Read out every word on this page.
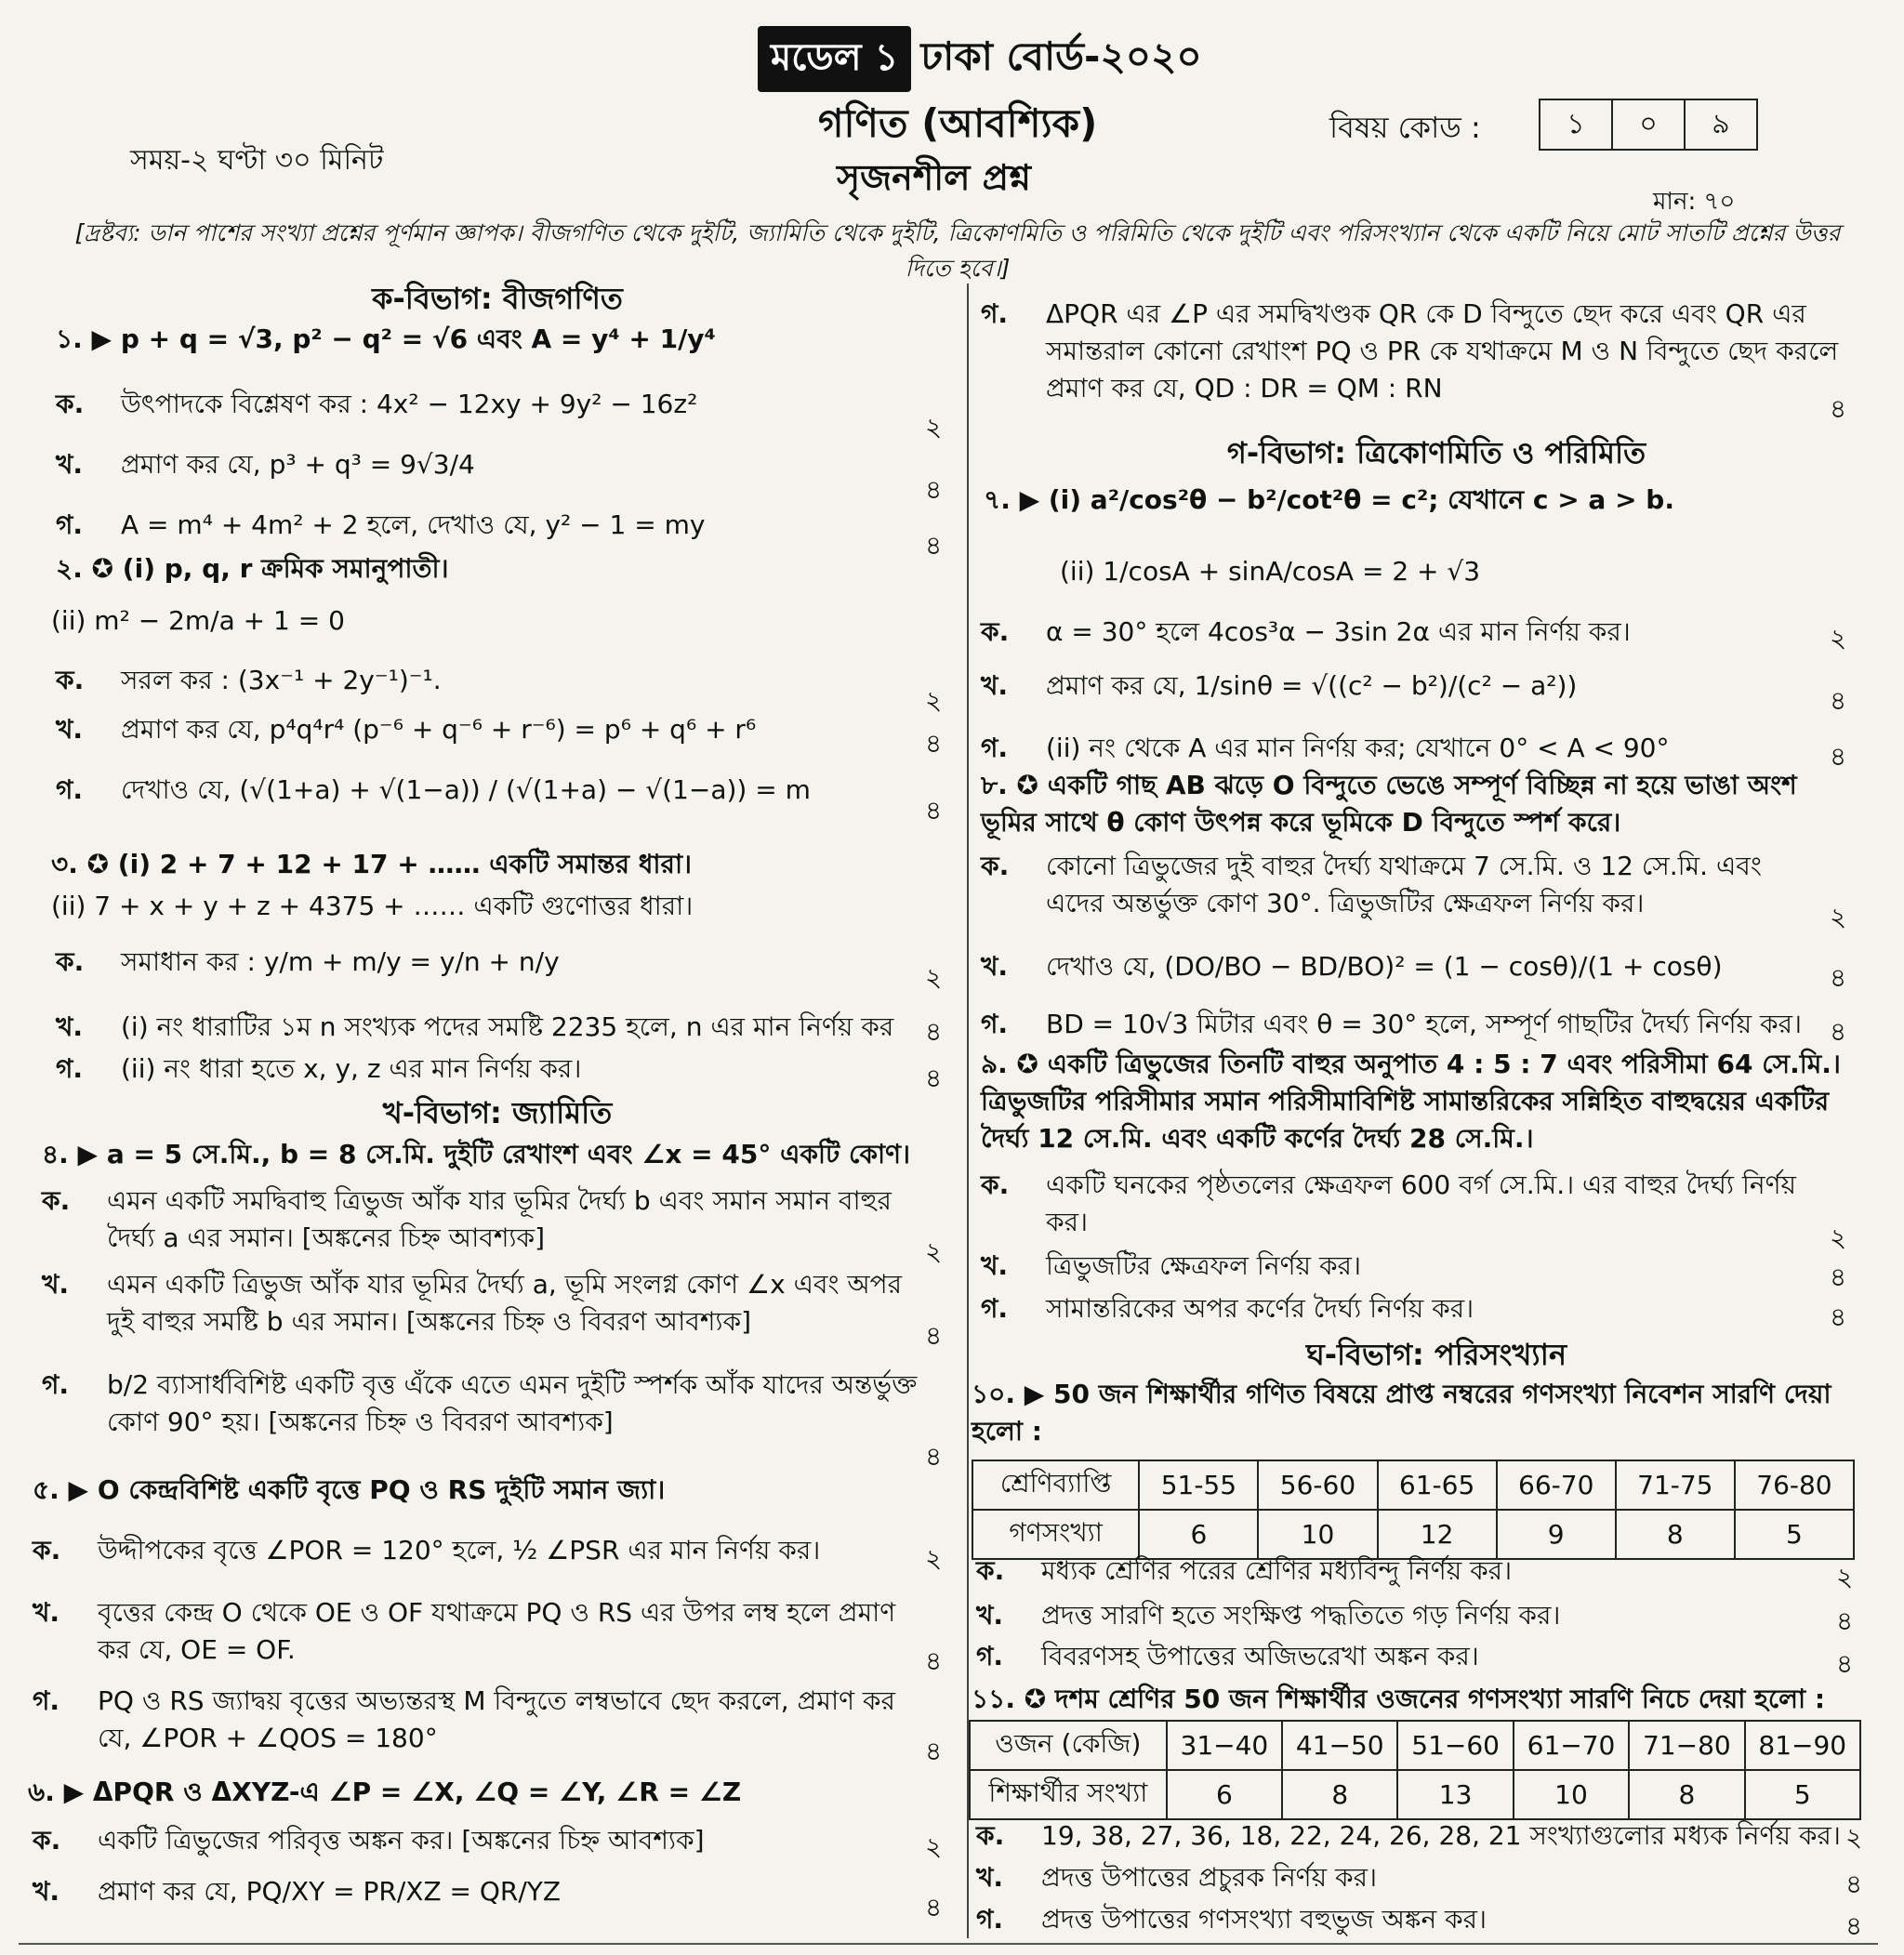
মডেল ১ ঢাকা বোর্ড-২০২০
গণিত (আবশ্যিক)	বিষয় কোড :	১	০	৯
সৃজনশীল প্রশ্ন
সময়-২ ঘণ্টা ৩০ মিনিট
মান: ৭০
[দ্রষ্টব্য: ডান পাশের সংখ্যা প্রশ্নের পূর্ণমান জ্ঞাপক। বীজগণিত থেকে দুইটি, জ্যামিতি থেকে দুইটি, ত্রিকোণমিতি ও পরিমিতি থেকে দুইটি এবং পরিসংখ্যান থেকে একটি নিয়ে মোট সাতটি প্রশ্নের উত্তর দিতে হবে।]
ক-বিভাগ: বীজগণিত
১. ▶ p + q = √3, p² − q² = √6 এবং A = y⁴ + 1/y⁴
ক.	উৎপাদকে বিশ্লেষণ কর : 4x² − 12xy + 9y² − 16z²
২
খ.	প্রমাণ কর যে, p³ + q³ = 9√3/4
৪
গ.	A = m⁴ + 4m² + 2 হলে, দেখাও যে, y² − 1 = my
৪
২. ✪ (i) p, q, r ক্রমিক সমানুপাতী।
(ii) m² − 2m/a + 1 = 0
ক.	সরল কর : (3x⁻¹ + 2y⁻¹)⁻¹.
২
খ.	প্রমাণ কর যে, p⁴q⁴r⁴ (p⁻⁶ + q⁻⁶ + r⁻⁶) = p⁶ + q⁶ + r⁶	৪
গ.	দেখাও যে, (√(1+a) + √(1−a)) / (√(1+a) − √(1−a)) = m
৪
৩. ✪ (i) 2 + 7 + 12 + 17 + …… একটি সমান্তর ধারা।
(ii) 7 + x + y + z + 4375 + …… একটি গুণোত্তর ধারা।
ক.	সমাধান কর : y/m + m/y = y/n + n/y
২
খ.	(i) নং ধারাটির ১ম n সংখ্যক পদের সমষ্টি 2235 হলে, n এর মান নির্ণয় কর	৪
গ.	(ii) নং ধারা হতে x, y, z এর মান নির্ণয় কর।	৪
খ-বিভাগ: জ্যামিতি
৪. ▶ a = 5 সে.মি., b = 8 সে.মি. দুইটি রেখাংশ এবং ∠x = 45° একটি কোণ।
ক.	এমন একটি সমদ্বিবাহু ত্রিভুজ আঁক যার ভূমির দৈর্ঘ্য b এবং সমান সমান বাহুর দৈর্ঘ্য a এর সমান। [অঙ্কনের চিহ্ন আবশ্যক]	২
খ.	এমন একটি ত্রিভুজ আঁক যার ভূমির দৈর্ঘ্য a, ভূমি সংলগ্ন কোণ ∠x এবং অপর দুই বাহুর সমষ্টি b এর সমান। [অঙ্কনের চিহ্ন ও বিবরণ আবশ্যক]	৪
গ.	b/2 ব্যাসার্ধবিশিষ্ট একটি বৃত্ত এঁকে এতে এমন দুইটি স্পর্শক আঁক যাদের অন্তর্ভুক্ত কোণ 90° হয়। [অঙ্কনের চিহ্ন ও বিবরণ আবশ্যক]
৪
৫. ▶ O কেন্দ্রবিশিষ্ট একটি বৃত্তে PQ ও RS দুইটি সমান জ্যা।
ক.	উদ্দীপকের বৃত্তে ∠POR = 120° হলে, ½ ∠PSR এর মান নির্ণয় কর।	২
খ.	বৃত্তের কেন্দ্র O থেকে OE ও OF যথাক্রমে PQ ও RS এর উপর লম্ব হলে প্রমাণ কর যে, OE = OF.	৪
গ.	PQ ও RS জ্যাদ্বয় বৃত্তের অভ্যন্তরস্থ M বিন্দুতে লম্বভাবে ছেদ করলে, প্রমাণ কর যে, ∠POR + ∠QOS = 180°	৪
৬. ▶ ΔPQR ও ΔXYZ-এ ∠P = ∠X, ∠Q = ∠Y, ∠R = ∠Z
ক.	একটি ত্রিভুজের পরিবৃত্ত অঙ্কন কর। [অঙ্কনের চিহ্ন আবশ্যক]	২
খ.	প্রমাণ কর যে, PQ/XY = PR/XZ = QR/YZ
৪
গ.	ΔPQR এর ∠P এর সমদ্বিখণ্ডক QR কে D বিন্দুতে ছেদ করে এবং QR এর সমান্তরাল কোনো রেখাংশ PQ ও PR কে যথাক্রমে M ও N বিন্দুতে ছেদ করলে প্রমাণ কর যে, QD : DR = QM : RN
৪
গ-বিভাগ: ত্রিকোণমিতি ও পরিমিতি
৭. ▶ (i) a²/cos²θ − b²/cot²θ = c²; যেখানে c > a > b.
(ii) 1/cosA + sinA/cosA = 2 + √3
ক.	α = 30° হলে 4cos³α − 3sin 2α এর মান নির্ণয় কর।	২
খ.	প্রমাণ কর যে, 1/sinθ = √((c² − b²)/(c² − a²))	৪
গ.	(ii) নং থেকে A এর মান নির্ণয় কর; যেখানে 0° < A < 90°	৪
৮. ✪ একটি গাছ AB ঝড়ে O বিন্দুতে ভেঙে সম্পূর্ণ বিচ্ছিন্ন না হয়ে ভাঙা অংশ ভূমির সাথে θ কোণ উৎপন্ন করে ভূমিকে D বিন্দুতে স্পর্শ করে।
ক.	কোনো ত্রিভুজের দুই বাহুর দৈর্ঘ্য যথাক্রমে 7 সে.মি. ও 12 সে.মি. এবং এদের অন্তর্ভুক্ত কোণ 30°. ত্রিভুজটির ক্ষেত্রফল নির্ণয় কর।	২
খ.	দেখাও যে, (DO/BO − BD/BO)² = (1 − cosθ)/(1 + cosθ)	৪
গ.	BD = 10√3 মিটার এবং θ = 30° হলে, সম্পূর্ণ গাছটির দৈর্ঘ্য নির্ণয় কর।	৪
৯. ✪ একটি ত্রিভুজের তিনটি বাহুর অনুপাত 4 : 5 : 7 এবং পরিসীমা 64 সে.মি.। ত্রিভুজটির পরিসীমার সমান পরিসীমাবিশিষ্ট সামান্তরিকের সন্নিহিত বাহুদ্বয়ের একটির দৈর্ঘ্য 12 সে.মি. এবং একটি কর্ণের দৈর্ঘ্য 28 সে.মি.।
ক.	একটি ঘনকের পৃষ্ঠতলের ক্ষেত্রফল 600 বর্গ সে.মি.। এর বাহুর দৈর্ঘ্য নির্ণয় কর।
২
খ.	ত্রিভুজটির ক্ষেত্রফল নির্ণয় কর।	৪
গ.	সামান্তরিকের অপর কর্ণের দৈর্ঘ্য নির্ণয় কর।	৪
ঘ-বিভাগ: পরিসংখ্যান
১০. ▶ 50 জন শিক্ষার্থীর গণিত বিষয়ে প্রাপ্ত নম্বরের গণসংখ্যা নিবেশন সারণি দেয়া হলো :
শ্রেণিব্যাপ্তি	51-55	56-60	61-65	66-70	71-75	76-80
গণসংখ্যা	6	10	12	9	8	5
ক.	মধ্যক শ্রেণির পরের শ্রেণির মধ্যবিন্দু নির্ণয় কর।	২
খ.	প্রদত্ত সারণি হতে সংক্ষিপ্ত পদ্ধতিতে গড় নির্ণয় কর।	৪
গ.	বিবরণসহ উপাত্তের অজিভরেখা অঙ্কন কর।	৪
১১. ✪ দশম শ্রেণির 50 জন শিক্ষার্থীর ওজনের গণসংখ্যা সারণি নিচে দেয়া হলো :
ওজন (কেজি)	31−40	41−50	51−60	61−70	71−80	81−90
শিক্ষার্থীর সংখ্যা	6	8	13	10	8	5
ক.	19, 38, 27, 36, 18, 22, 24, 26, 28, 21 সংখ্যাগুলোর মধ্যক নির্ণয় কর। ২
খ.	প্রদত্ত উপাত্তের প্রচুরক নির্ণয় কর।	৪
গ.	প্রদত্ত উপাত্তের গণসংখ্যা বহুভুজ অঙ্কন কর।	৪
